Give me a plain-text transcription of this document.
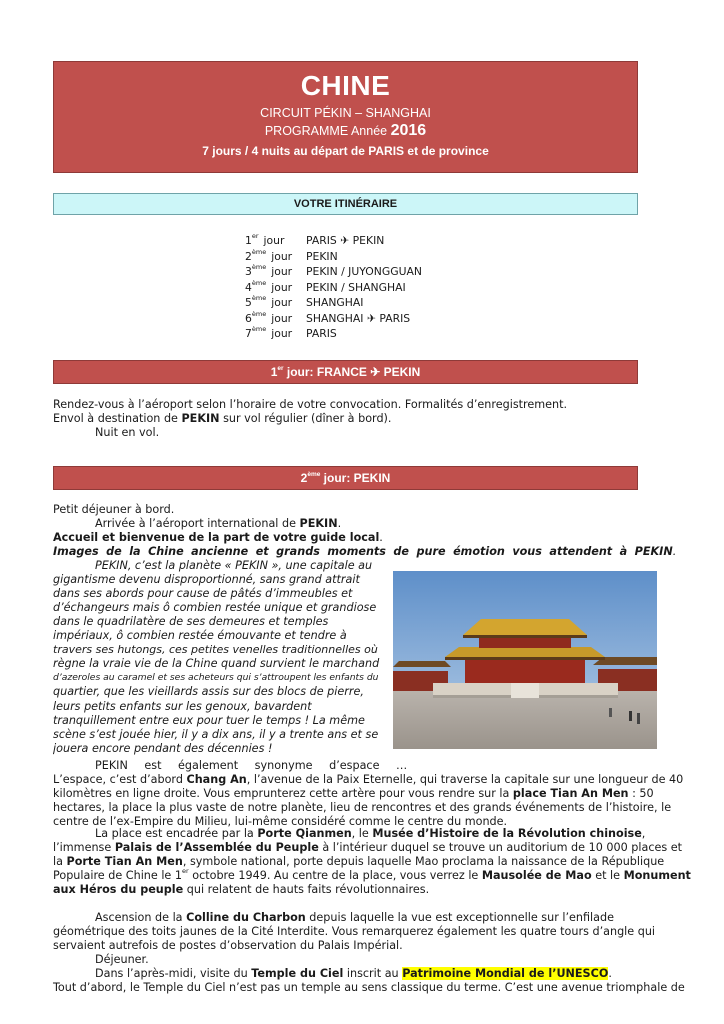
CHINE
CIRCUIT PÉKIN – SHANGHAI
PROGRAMME Année 2016
7 jours / 4 nuits au départ de PARIS et de province
VOTRE ITINÉRAIRE
1er jour	PARIS ✈ PEKIN
2ème jour	PEKIN
3ème jour	PEKIN / JUYONGGUAN
4ème jour	PEKIN / SHANGHAI
5ème jour	SHANGHAI
6ème jour	SHANGHAI ✈ PARIS
7ème jour	PARIS
1er jour: FRANCE ✈ PEKIN
Rendez-vous à l’aéroport selon l’horaire de votre convocation. Formalités d’enregistrement.
Envol à destination de PEKIN sur vol régulier (dîner à bord).
Nuit en vol.
2ème jour: PEKIN
Petit déjeuner à bord.
Arrivée à l’aéroport international de PEKIN.
Accueil et bienvenue de la part de votre guide local.
Images de la Chine ancienne et grands moments de pure émotion vous attendent à PEKIN.
PEKIN, c’est la planète « PEKIN », une capitale au
gigantisme devenu disproportionné, sans grand attrait
dans ses abords pour cause de pâtés d’immeubles et
d’échangeurs mais ô combien restée unique et grandiose
dans le quadrilatère de ses demeures et temples
impériaux, ô combien restée émouvante et tendre à
travers ses hutongs, ces petites venelles traditionnelles où
règne la vraie vie de la Chine quand survient le marchand
d’azeroles au caramel et ses acheteurs qui s’attroupent les enfants du
quartier, que les vieillards assis sur des blocs de pierre,
leurs petits enfants sur les genoux, bavardent
tranquillement entre eux pour tuer le temps ! La même
scène s’est jouée hier, il y a dix ans, il y a trente ans et se
jouera encore pendant des décennies !
PEKIN est également synonyme d’espace …
L’espace, c’est d’abord Chang An, l’avenue de la Paix Eternelle, qui traverse la capitale sur une longueur de 40
kilomètres en ligne droite. Vous emprunterez cette artère pour vous rendre sur la place Tian An Men : 50
hectares, la place la plus vaste de notre planète, lieu de rencontres et des grands événements de l’histoire, le
centre de l’ex-Empire du Milieu, lui-même considéré comme le centre du monde.
La place est encadrée par la Porte Qianmen, le Musée d’Histoire de la Révolution chinoise,
l’immense Palais de l’Assemblée du Peuple à l’intérieur duquel se trouve un auditorium de 10 000 places et
la Porte Tian An Men, symbole national, porte depuis laquelle Mao proclama la naissance de la République
Populaire de Chine le 1er octobre 1949. Au centre de la place, vous verrez le Mausolée de Mao et le Monument
aux Héros du peuple qui relatent de hauts faits révolutionnaires.
Ascension de la Colline du Charbon depuis laquelle la vue est exceptionnelle sur l’enfilade
géométrique des toits jaunes de la Cité Interdite. Vous remarquerez également les quatre tours d’angle qui
servaient autrefois de postes d’observation du Palais Impérial.
Déjeuner.
Dans l’après-midi, visite du Temple du Ciel inscrit au Patrimoine Mondial de l’UNESCO.
Tout d’abord, le Temple du Ciel n’est pas un temple au sens classique du terme. C’est une avenue triomphale de
